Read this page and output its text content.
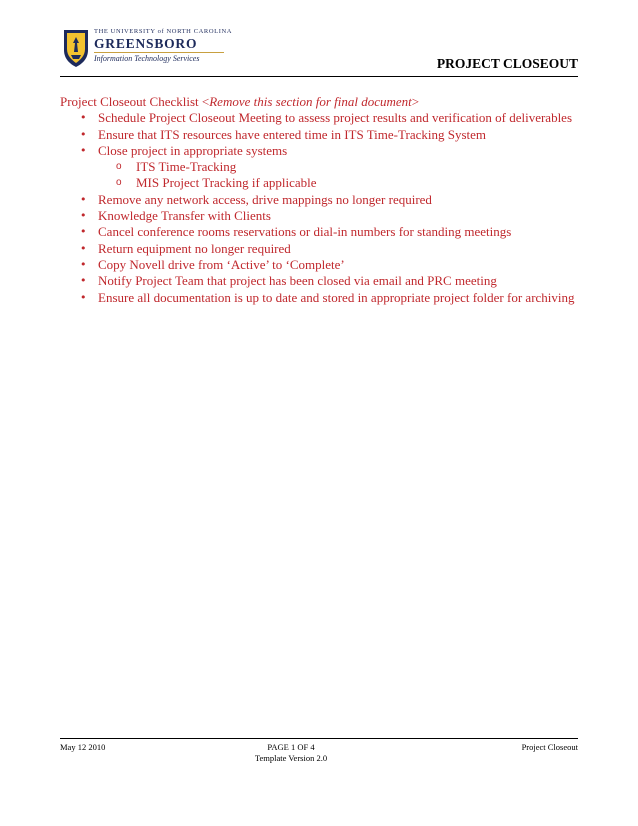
THE UNIVERSITY of NORTH CAROLINA
GREENSBORO
Information Technology Services	PROJECT CLOSEOUT
Project Closeout Checklist <Remove this section for final document>
• Schedule Project Closeout Meeting to assess project results and verification of deliverables
• Ensure that ITS resources have entered time in ITS Time-Tracking System
• Close project in appropriate systems
o ITS Time-Tracking
o MIS Project Tracking if applicable
• Remove any network access, drive mappings no longer required
• Knowledge Transfer with Clients
• Cancel conference rooms reservations or dial-in numbers for standing meetings
• Return equipment no longer required
• Copy Novell drive from ‘Active’ to ‘Complete’
• Notify Project Team that project has been closed via email and PRC meeting
• Ensure all documentation is up to date and stored in appropriate project folder for archiving
May 12 2010	PAGE 1 OF 4
Template Version 2.0
Project Closeout
